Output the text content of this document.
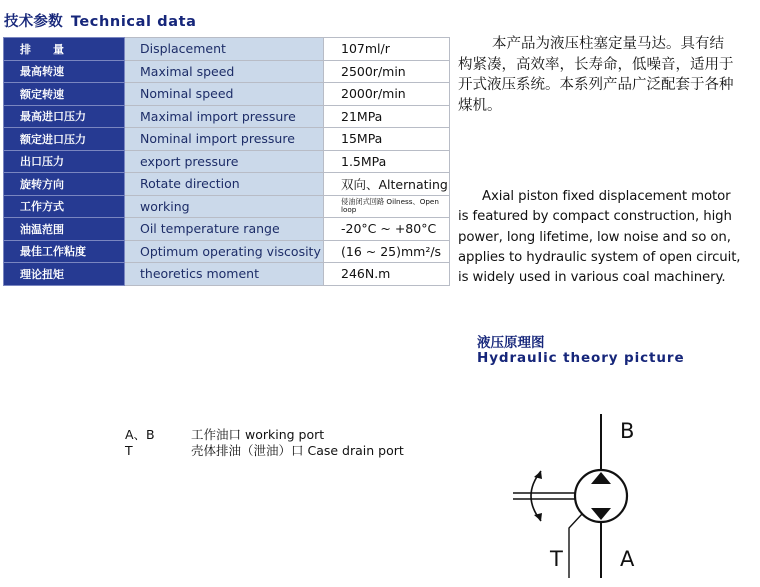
技术参数 Technical data
排　　量	Displacement	107ml/r
最高转速	Maximal speed	2500r/min
额定转速	Nominal speed	2000r/min
最高进口压力	Maximal import pressure	21MPa
额定进口压力	Nominal import pressure	15MPa
出口压力	export pressure	1.5MPa
旋转方向	Rotate direction	双向、Alternating
工作方式	working	侵油闭式回路 Oilness、Open loop
油温范围	Oil temperature range	-20°C ~ +80°C
最佳工作粘度	Optimum operating viscosity	(16 ~ 25)mm²/s
理论扭矩	theoretics moment	246N.m
本产品为液压柱塞定量马达。具有结构紧凑，高效率，长寿命，低噪音，适用于开式液压系统。本系列产品广泛配套于各种煤机。
Axial piston fixed displacement motor is featured by compact construction, high power, long lifetime, low noise and so on, applies to hydraulic system of open circuit, is widely used in various coal machinery.
液压原理图
Hydraulic theory picture
A、B	工作油口 working port
T	壳体排油（泄油）口 Case drain port
B
T	A
